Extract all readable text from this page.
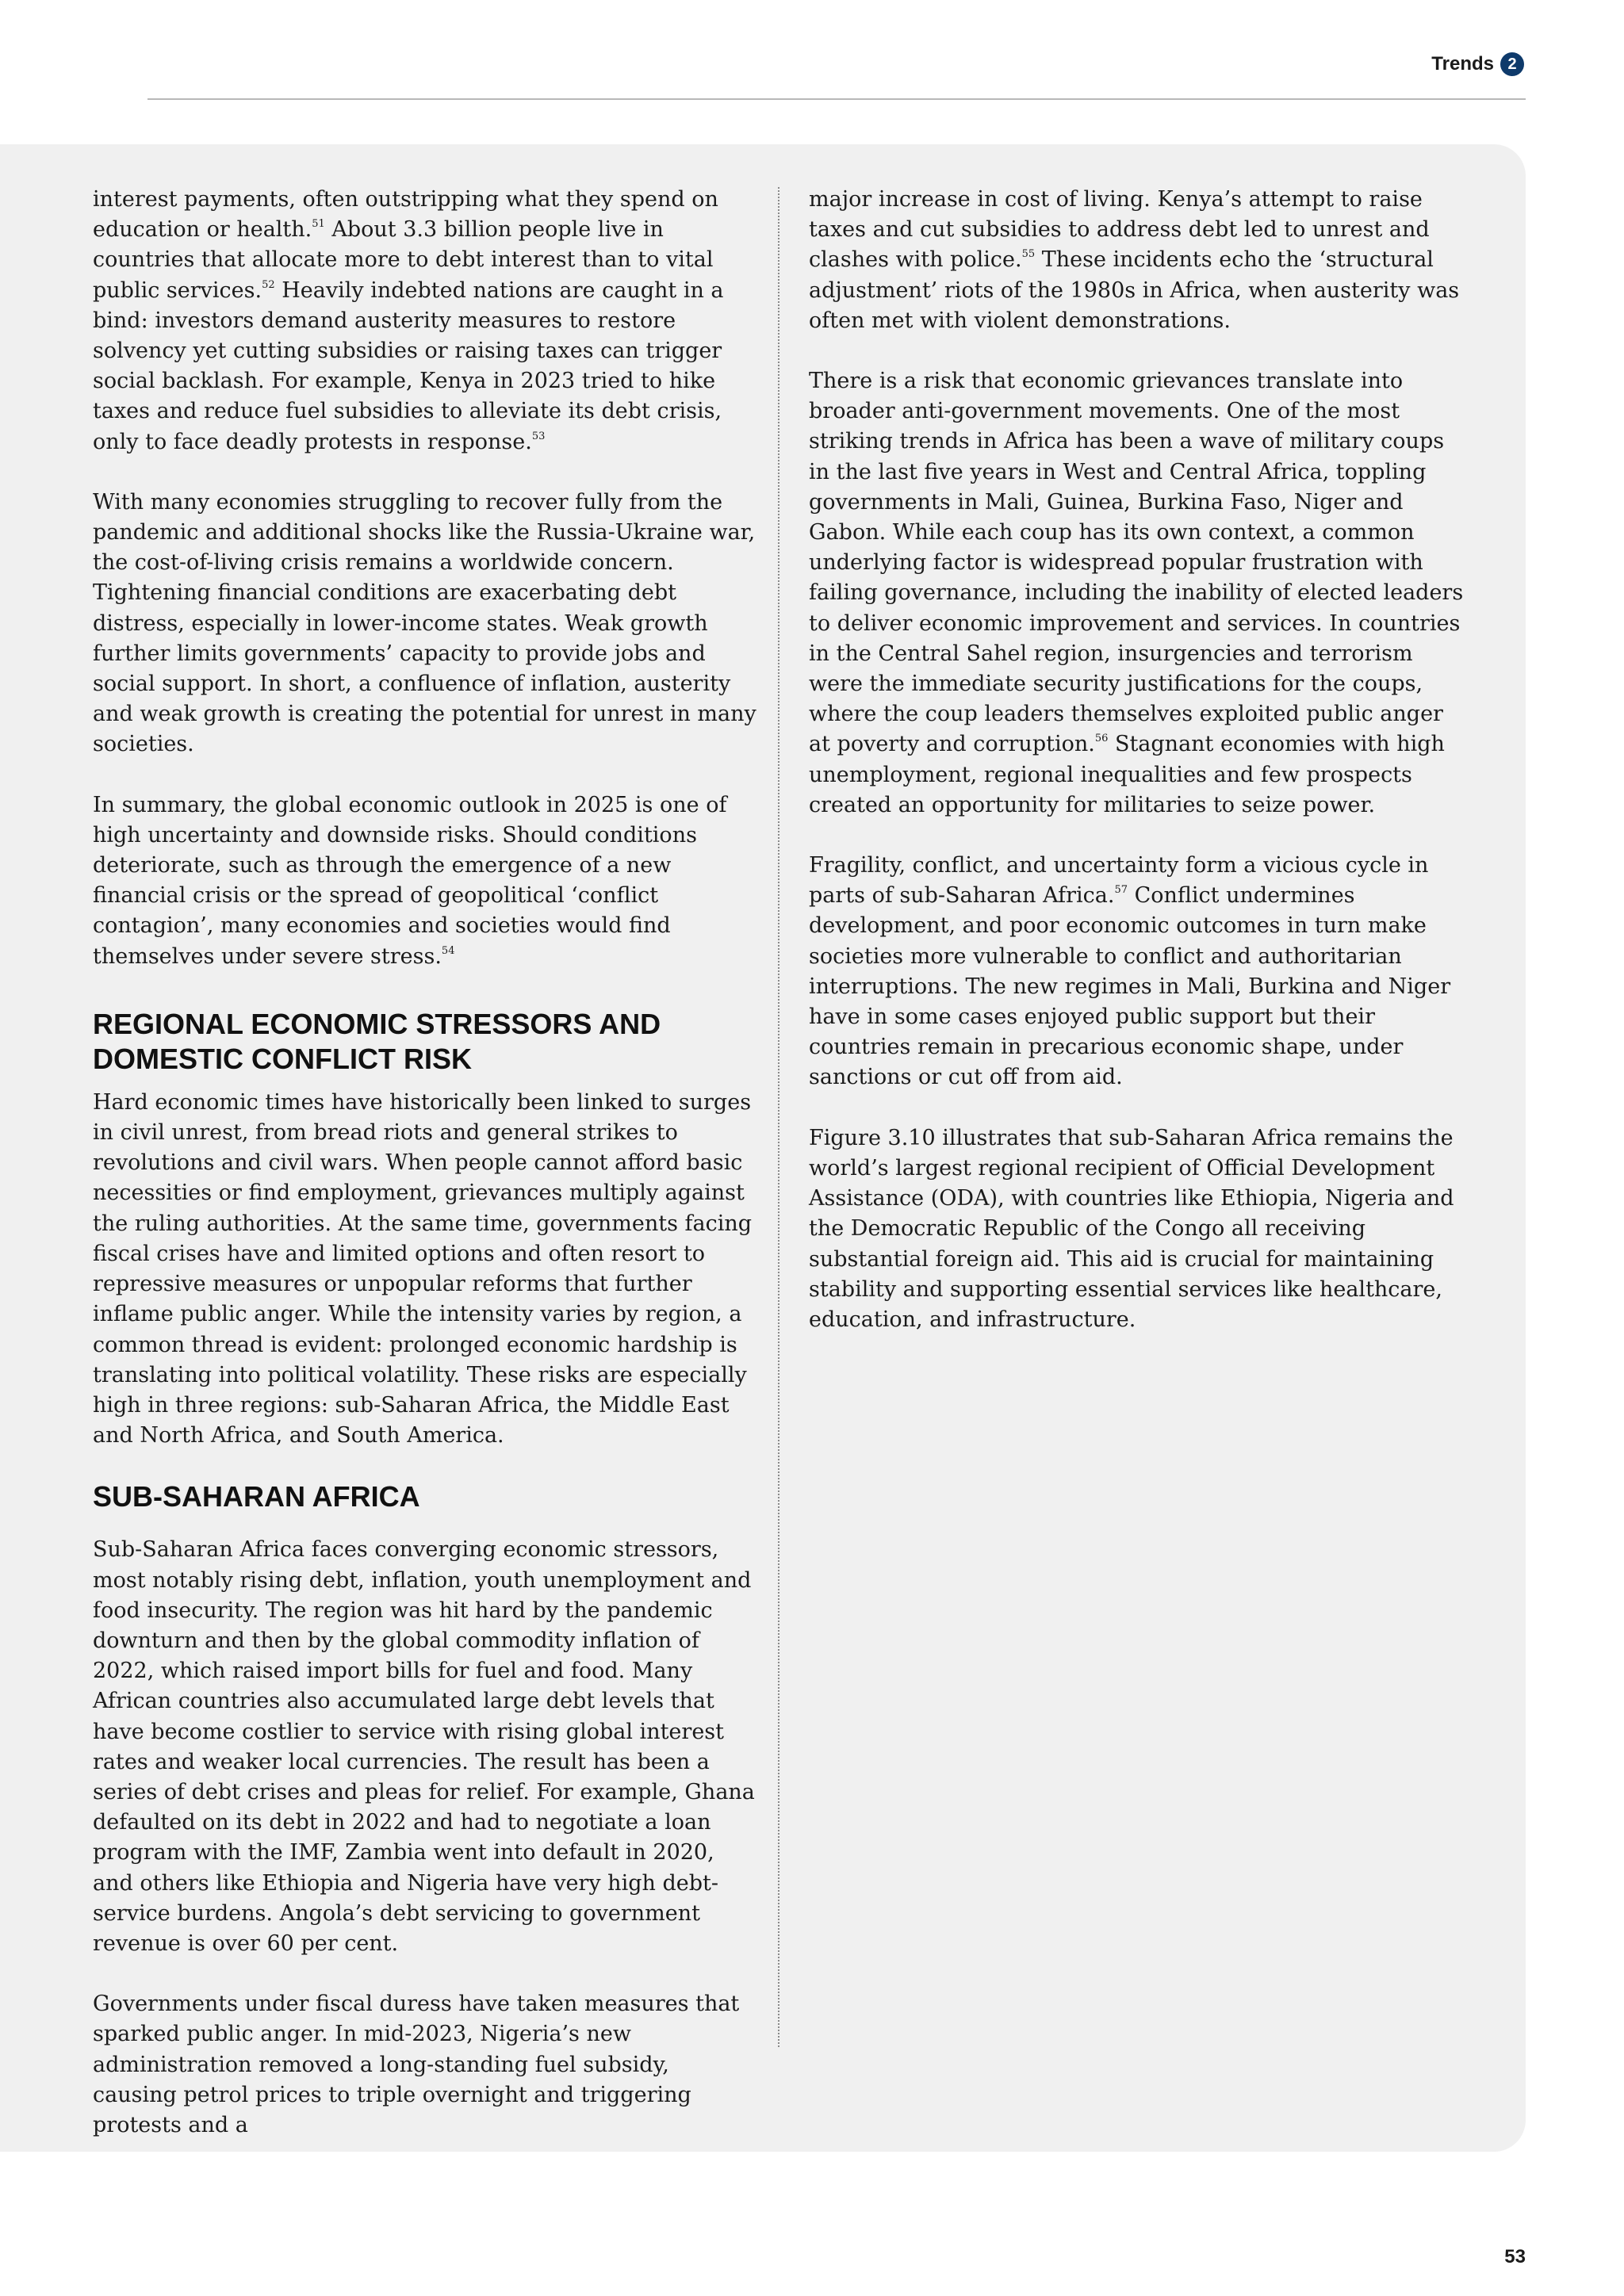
Trends 2

interest payments, often outstripping what they spend on education or health.$^{51}$ About 3.3 billion people live in countries that allocate more to debt interest than to vital public services.$^{52}$ Heavily indebted nations are caught in a bind: investors demand austerity measures to restore solvency yet cutting subsidies or raising taxes can trigger social backlash. For example, Kenya in 2023 tried to hike taxes and reduce fuel subsidies to alleviate its debt crisis, only to face deadly protests in response.$^{53}$

With many economies struggling to recover fully from the pandemic and additional shocks like the Russia-Ukraine war, the cost-of-living crisis remains a worldwide concern. Tightening financial conditions are exacerbating debt distress, especially in lower-income states. Weak growth further limits governments’ capacity to provide jobs and social support. In short, a confluence of inflation, austerity and weak growth is creating the potential for unrest in many societies.

In summary, the global economic outlook in 2025 is one of high uncertainty and downside risks. Should conditions deteriorate, such as through the emergence of a new financial crisis or the spread of geopolitical ‘conflict contagion’, many economies and societies would find themselves under severe stress.$^{54}$

REGIONAL ECONOMIC STRESSORS AND DOMESTIC CONFLICT RISK

Hard economic times have historically been linked to surges in civil unrest, from bread riots and general strikes to revolutions and civil wars. When people cannot afford basic necessities or find employment, grievances multiply against the ruling authorities. At the same time, governments facing fiscal crises have and limited options and often resort to repressive measures or unpopular reforms that further inflame public anger. While the intensity varies by region, a common thread is evident: prolonged economic hardship is translating into political volatility. These risks are especially high in three regions: sub-Saharan Africa, the Middle East and North Africa, and South America.

SUB-SAHARAN AFRICA

Sub-Saharan Africa faces converging economic stressors, most notably rising debt, inflation, youth unemployment and food insecurity. The region was hit hard by the pandemic downturn and then by the global commodity inflation of 2022, which raised import bills for fuel and food. Many African countries also accumulated large debt levels that have become costlier to service with rising global interest rates and weaker local currencies. The result has been a series of debt crises and pleas for relief. For example, Ghana defaulted on its debt in 2022 and had to negotiate a loan program with the IMF, Zambia went into default in 2020, and others like Ethiopia and Nigeria have very high debt-service burdens. Angola’s debt servicing to government revenue is over 60 per cent.

Governments under fiscal duress have taken measures that sparked public anger. In mid-2023, Nigeria’s new administration removed a long-standing fuel subsidy, causing petrol prices to triple overnight and triggering protests and a

major increase in cost of living. Kenya’s attempt to raise taxes and cut subsidies to address debt led to unrest and clashes with police.$^{55}$ These incidents echo the ‘structural adjustment’ riots of the 1980s in Africa, when austerity was often met with violent demonstrations.

There is a risk that economic grievances translate into broader anti-government movements. One of the most striking trends in Africa has been a wave of military coups in the last five years in West and Central Africa, toppling governments in Mali, Guinea, Burkina Faso, Niger and Gabon. While each coup has its own context, a common underlying factor is widespread popular frustration with failing governance, including the inability of elected leaders to deliver economic improvement and services. In countries in the Central Sahel region, insurgencies and terrorism were the immediate security justifications for the coups, where the coup leaders themselves exploited public anger at poverty and corruption.$^{56}$ Stagnant economies with high unemployment, regional inequalities and few prospects created an opportunity for militaries to seize power.

Fragility, conflict, and uncertainty form a vicious cycle in parts of sub-Saharan Africa.$^{57}$ Conflict undermines development, and poor economic outcomes in turn make societies more vulnerable to conflict and authoritarian interruptions. The new regimes in Mali, Burkina and Niger have in some cases enjoyed public support but their countries remain in precarious economic shape, under sanctions or cut off from aid.

Figure 3.10 illustrates that sub-Saharan Africa remains the world’s largest regional recipient of Official Development Assistance (ODA), with countries like Ethiopia, Nigeria and the Democratic Republic of the Congo all receiving substantial foreign aid. This aid is crucial for maintaining stability and supporting essential services like healthcare, education, and infrastructure.

53
